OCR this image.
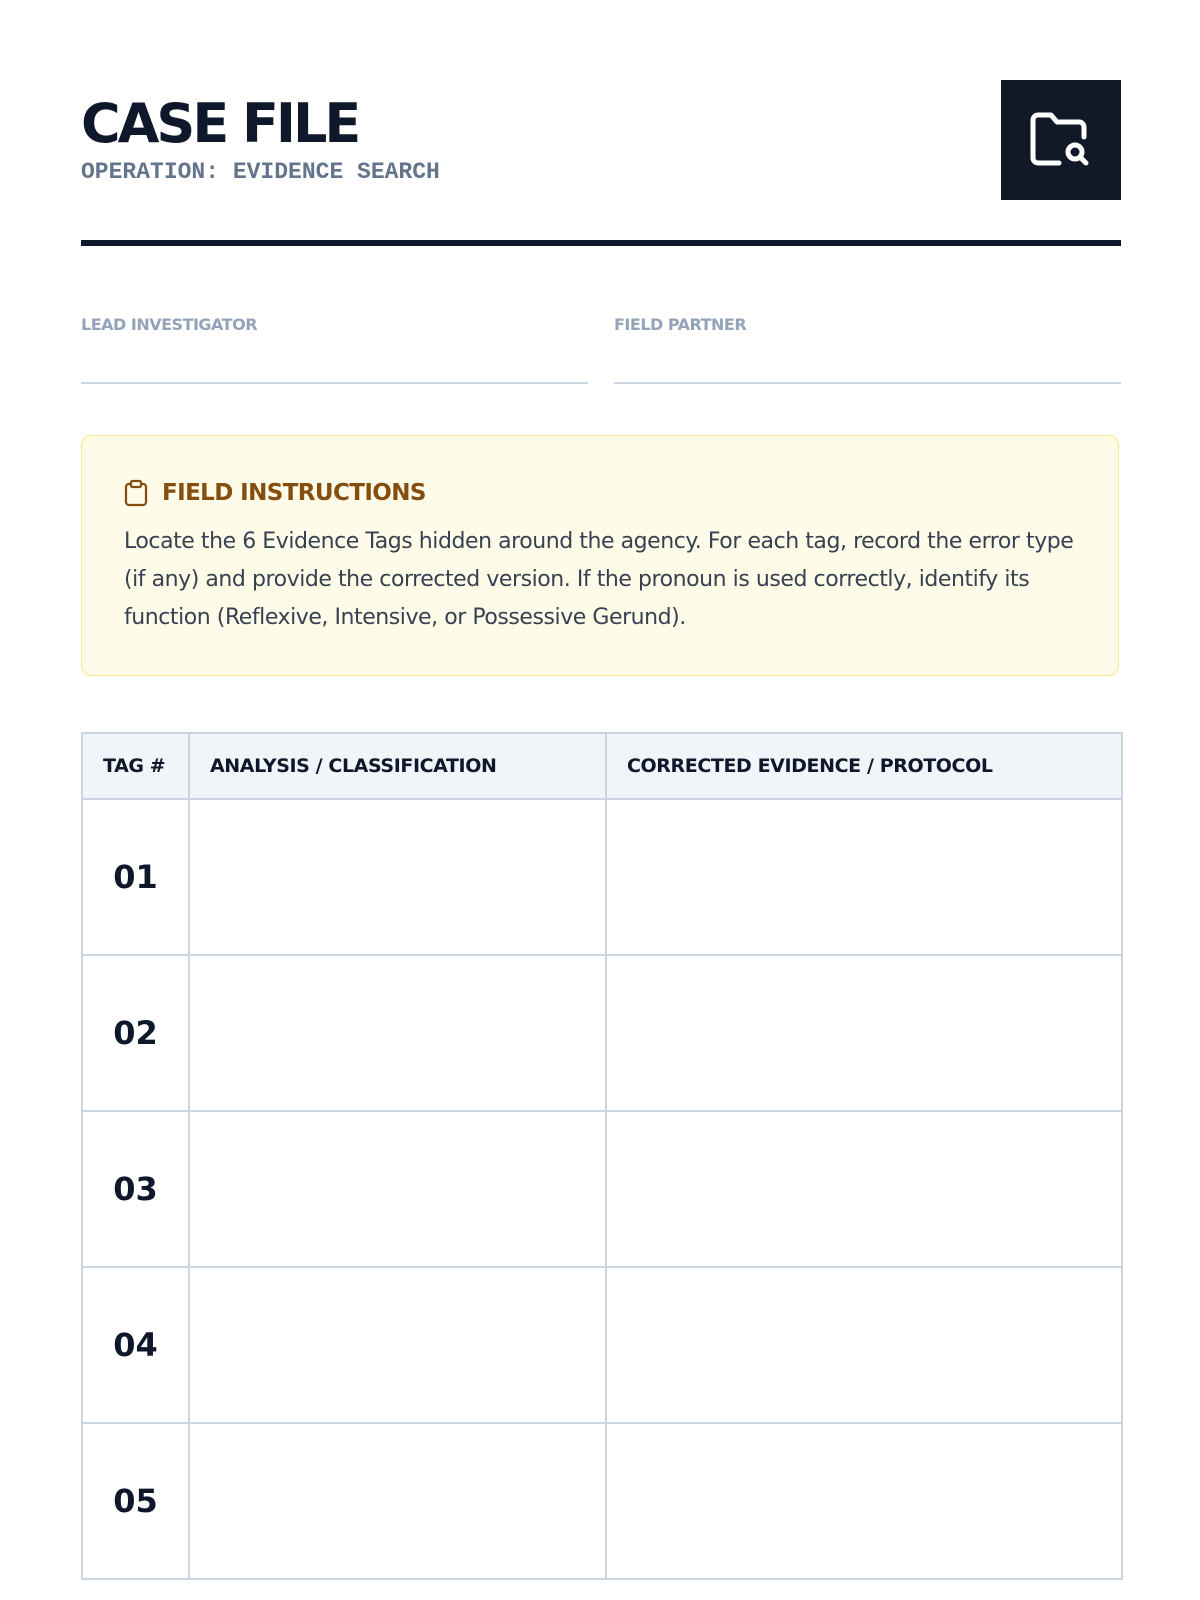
CASE FILE
OPERATION: EVIDENCE SEARCH
LEAD INVESTIGATOR	FIELD PARTNER
FIELD INSTRUCTIONS

Locate the 6 Evidence Tags hidden around the agency. For each tag, record the error type (if any) and provide the corrected version. If the pronoun is used correctly, identify its function (Reflexive, Intensive, or Possessive Gerund).

TAG #	ANALYSIS / CLASSIFICATION	CORRECTED EVIDENCE / PROTOCOL
01		
02		
03		
04		
05		
